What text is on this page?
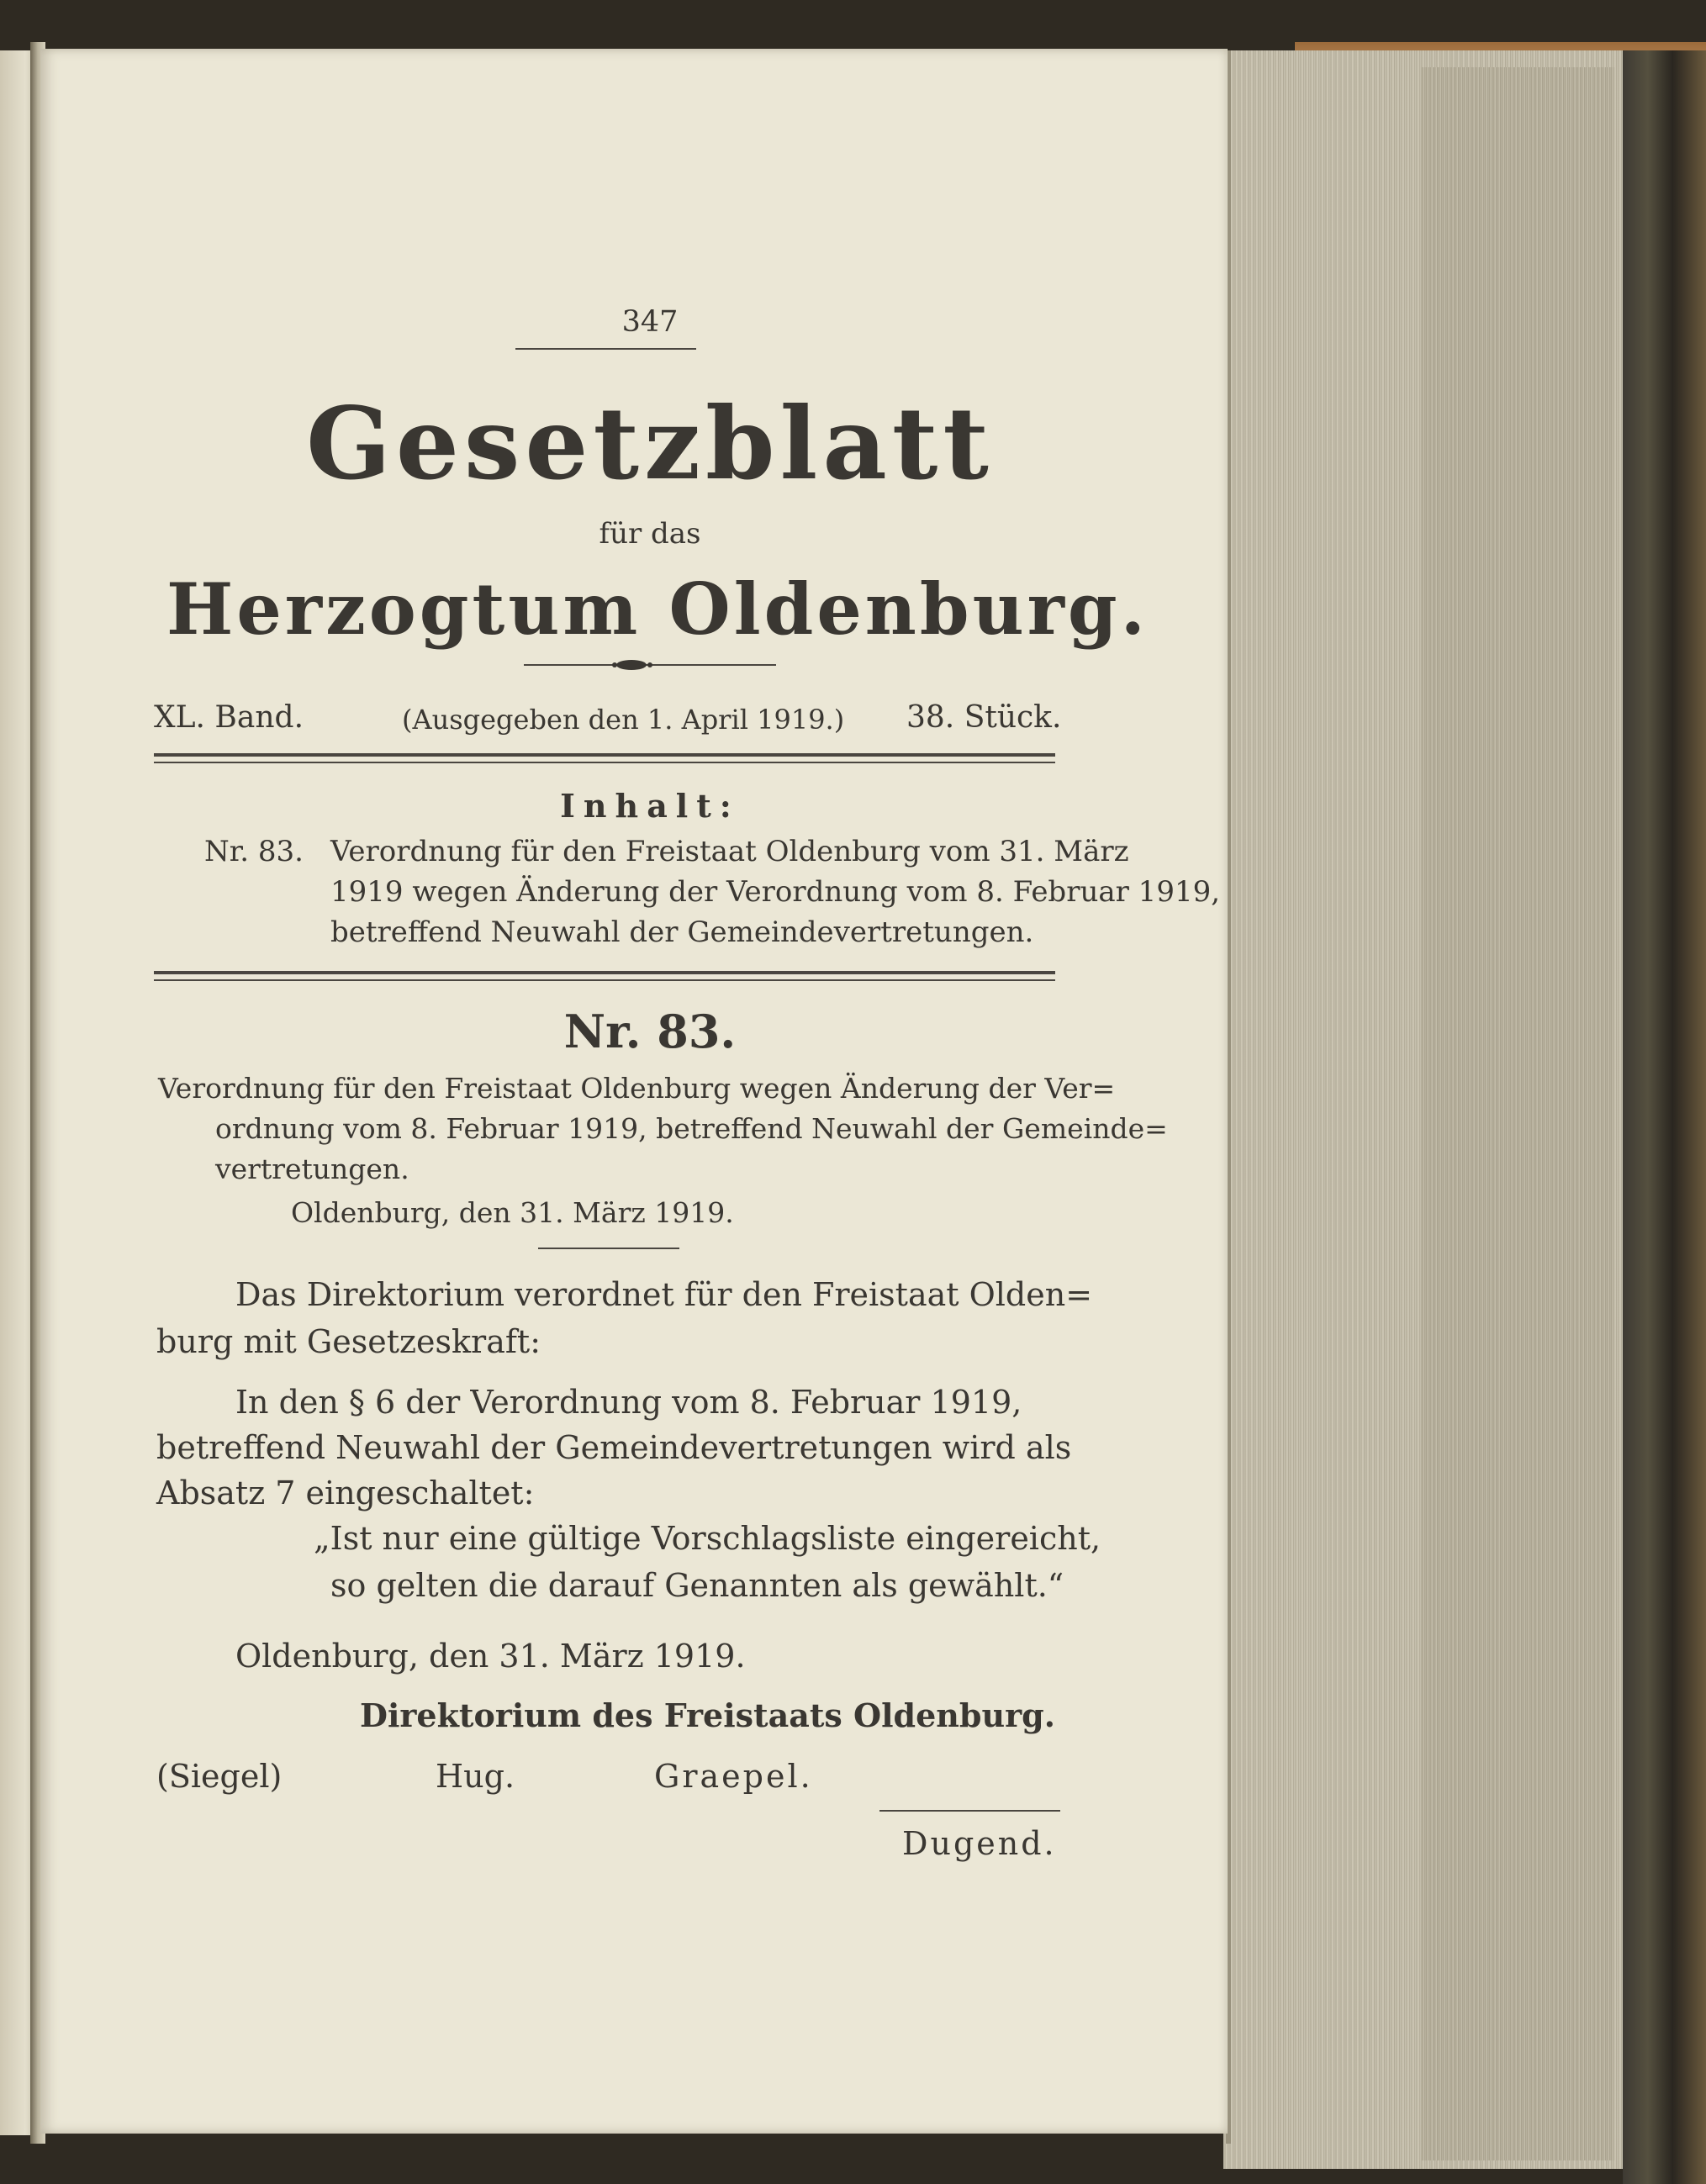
347
Gesetzblatt
für das
Herzogtum Oldenburg.
XL. Band.	(Ausgegeben den 1. April 1919.) 38. Stück.
Inhalt:
Nr. 83. Verordnung für den Freistaat Oldenburg vom 31. März
1919 wegen Änderung der Verordnung vom 8. Februar 1919,
betreffend Neuwahl der Gemeindevertretungen.
Nr. 83.
Verordnung für den Freistaat Oldenburg wegen Änderung der Ver=
ordnung vom 8. Februar 1919, betreffend Neuwahl der Gemeinde=
vertretungen.
Oldenburg, den 31. März 1919.
Das Direktorium verordnet für den Freistaat Olden=
burg mit Gesetzeskraft:
In den § 6 der Verordnung vom 8. Februar 1919,
betreffend Neuwahl der Gemeindevertretungen wird als
Absatz 7 eingeschaltet:
„Ist nur eine gültige Vorschlagsliste eingereicht,
so gelten die darauf Genannten als gewählt.“
Oldenburg, den 31. März 1919.
Direktorium des Freistaats Oldenburg.
(Siegel)	Hug.	Graepel.
Dugend.
